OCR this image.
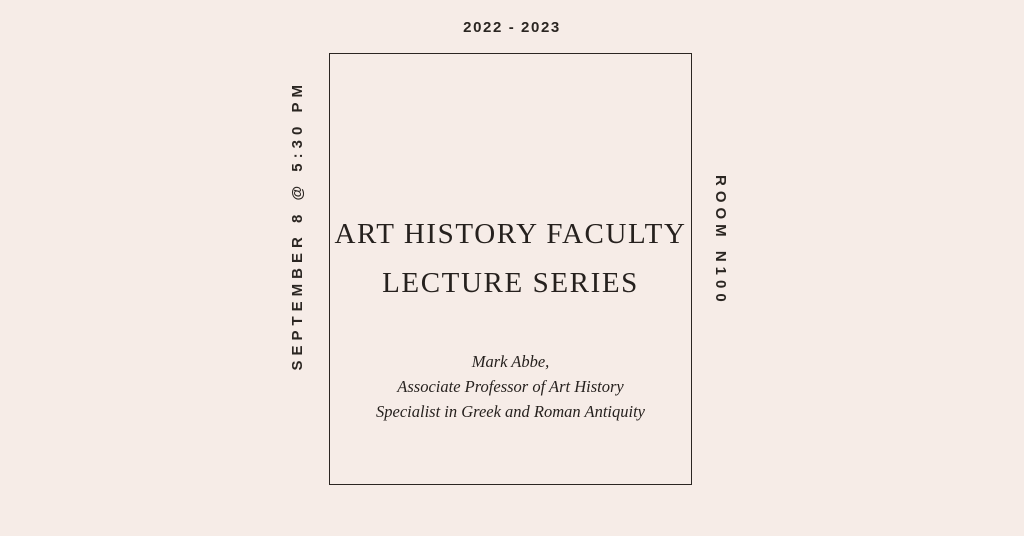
2022 - 2023
SEPTEMBER 8 @ 5:30 PM	ROOM N100
ART HISTORY FACULTY
LECTURE SERIES
Mark Abbe,
Associate Professor of Art History
Specialist in Greek and Roman Antiquity
